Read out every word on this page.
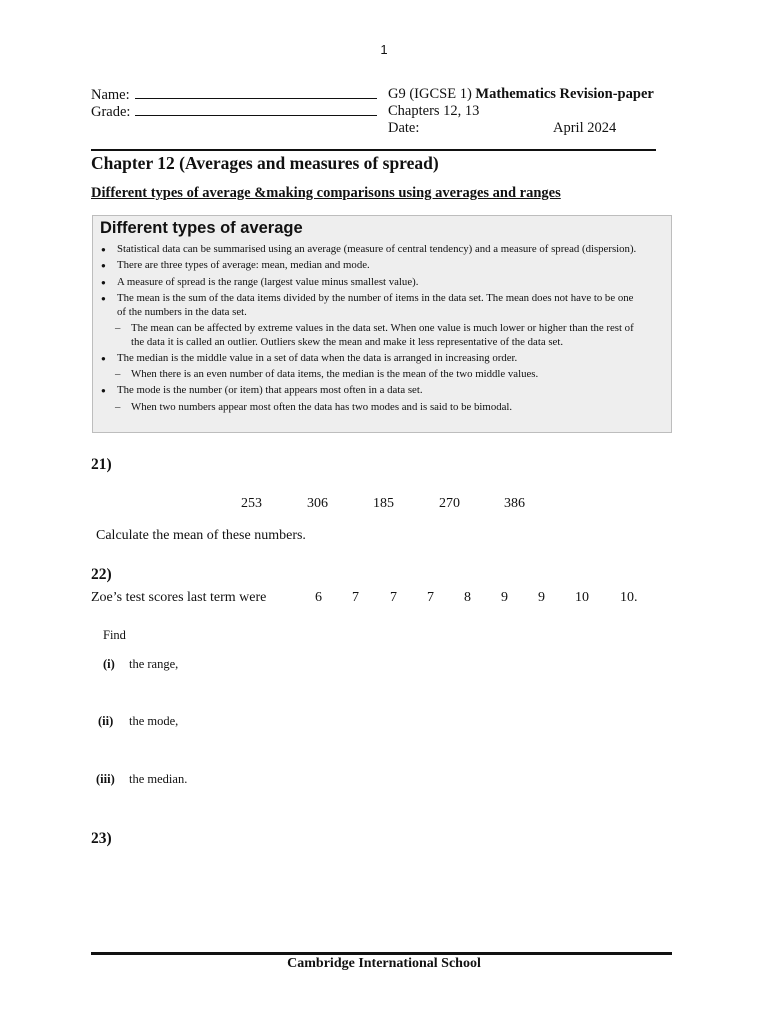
1
Name:
Grade:
G9 (IGCSE 1) Mathematics Revision-paper
Chapters 12, 13
Date:	April 2024
Chapter 12 (Averages and measures of spread)
Different types of average &making comparisons using averages and ranges
Different types of average
● Statistical data can be summarised using an average (measure of central tendency) and a measure of spread (dispersion).
● There are three types of average: mean, median and mode.
● A measure of spread is the range (largest value minus smallest value).
● The mean is the sum of the data items divided by the number of items in the data set. The mean does not have to be one of the numbers in the data set.
– The mean can be affected by extreme values in the data set. When one value is much lower or higher than the rest of the data it is called an outlier. Outliers skew the mean and make it less representative of the data set.
● The median is the middle value in a set of data when the data is arranged in increasing order.
– When there is an even number of data items, the median is the mean of the two middle values.
● The mode is the number (or item) that appears most often in a data set.
– When two numbers appear most often the data has two modes and is said to be bimodal.
21)
253	306	185	270	386
Calculate the mean of these numbers.
22)
Zoe’s test scores last term were	6 7 7 7 8 9 9 10 10.
Find
(i) the range,
(ii) the mode,
(iii) the median.
23)
Cambridge International School
